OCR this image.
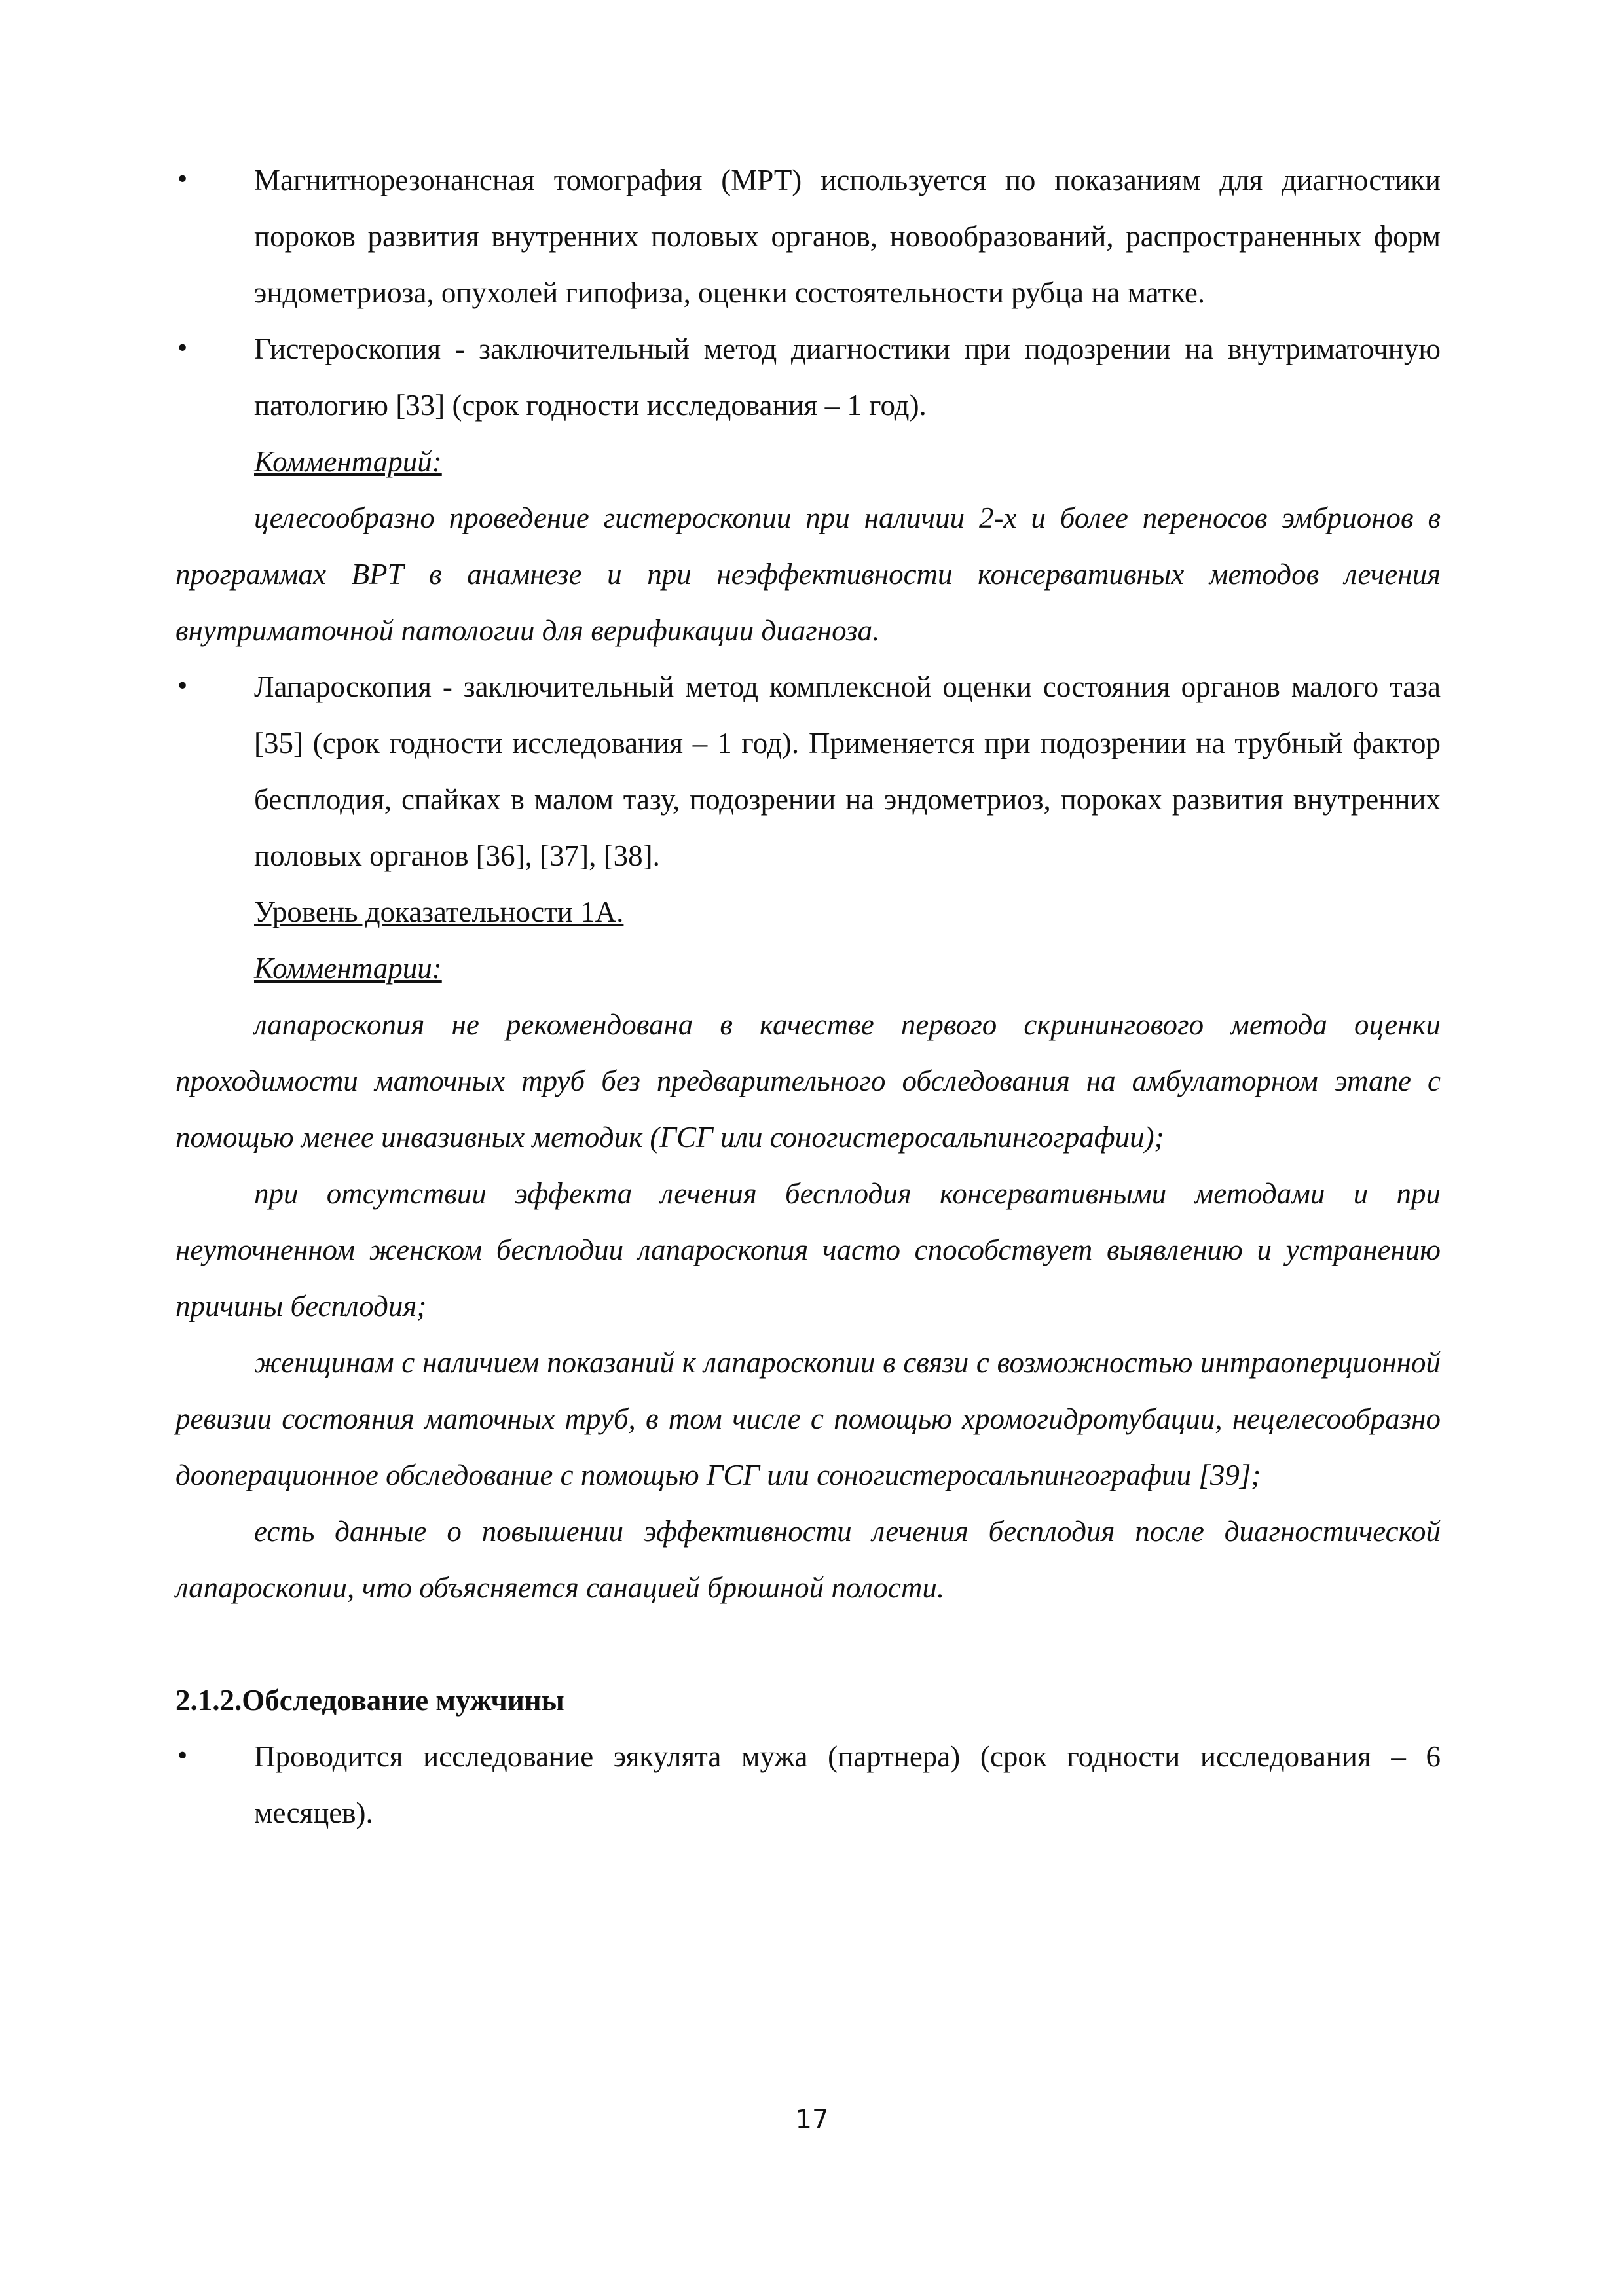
•	Магнитнорезонансная томография (МРТ) используется по показаниям для диагностики пороков развития внутренних половых органов, новообразований, распространенных форм эндометриоза, опухолей гипофиза, оценки состоятельности рубца на матке.
•	Гистероскопия - заключительный метод диагностики при подозрении на внутриматочную патологию [33] (срок годности исследования – 1 год).
Комментарий:
целесообразно проведение гистероскопии при наличии 2-х и более переносов эмбрионов в программах ВРТ в анамнезе и при неэффективности консервативных методов лечения внутриматочной патологии для верификации диагноза.
•	Лапароскопия - заключительный метод комплексной оценки состояния органов малого таза [35] (срок годности исследования – 1 год). Применяется при подозрении на трубный фактор бесплодия, спайках в малом тазу, подозрении на эндометриоз, пороках развития внутренних половых органов [36], [37], [38].
Уровень доказательности 1А.
Комментарии:
лапароскопия не рекомендована в качестве первого скринингового метода оценки проходимости маточных труб без предварительного обследования на амбулаторном этапе с помощью менее инвазивных методик (ГСГ или соногистеросальпингографии);
при отсутствии эффекта лечения бесплодия консервативными методами и при неуточненном женском бесплодии лапароскопия часто способствует выявлению и устранению причины бесплодия;
женщинам с наличием показаний к лапароскопии в связи с возможностью интраоперционной ревизии состояния маточных труб, в том числе с помощью хромогидротубации, нецелесообразно дооперационное обследование с помощью ГСГ или соногистеросальпингографии [39];
есть данные о повышении эффективности лечения бесплодия после диагностической лапароскопии, что объясняется санацией брюшной полости.
2.1.2.Обследование мужчины
•	Проводится исследование эякулята мужа (партнера) (срок годности исследования – 6 месяцев).
17
